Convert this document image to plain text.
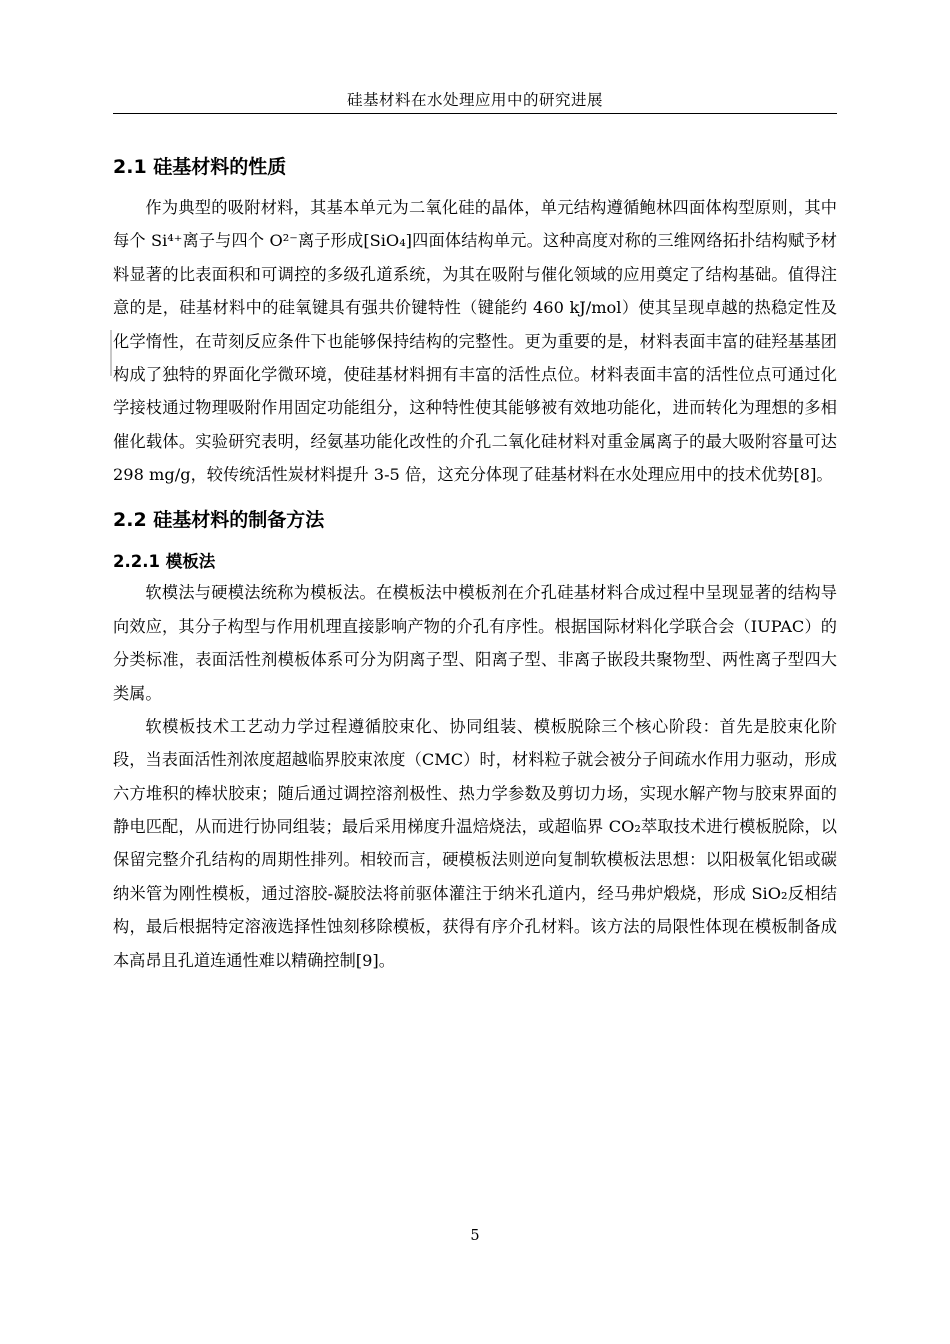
硅基材料在水处理应用中的研究进展
2.1 硅基材料的性质

作为典型的吸附材料，其基本单元为二氧化硅的晶体，单元结构遵循鲍林四面体构型原则，其中每个 Si⁴⁺离子与四个 O²⁻离子形成[SiO₄]四面体结构单元。这种高度对称的三维网络拓扑结构赋予材料显著的比表面积和可调控的多级孔道系统，为其在吸附与催化领域的应用奠定了结构基础。值得注意的是，硅基材料中的硅氧键具有强共价键特性（键能约 460 kJ/mol）使其呈现卓越的热稳定性及化学惰性，在苛刻反应条件下也能够保持结构的完整性。更为重要的是，材料表面丰富的硅羟基基团构成了独特的界面化学微环境，使硅基材料拥有丰富的活性点位。材料表面丰富的活性位点可通过化学接枝通过物理吸附作用固定功能组分，这种特性使其能够被有效地功能化，进而转化为理想的多相催化载体。实验研究表明，经氨基功能化改性的介孔二氧化硅材料对重金属离子的最大吸附容量可达 298 mg/g，较传统活性炭材料提升 3-5 倍，这充分体现了硅基材料在水处理应用中的技术优势[8]。

2.2 硅基材料的制备方法
2.2.1 模板法

软模法与硬模法统称为模板法。在模板法中模板剂在介孔硅基材料合成过程中呈现显著的结构导向效应，其分子构型与作用机理直接影响产物的介孔有序性。根据国际材料化学联合会（IUPAC）的分类标准，表面活性剂模板体系可分为阴离子型、阳离子型、非离子嵌段共聚物型、两性离子型四大类属。

软模板技术工艺动力学过程遵循胶束化、协同组装、模板脱除三个核心阶段：首先是胶束化阶段，当表面活性剂浓度超越临界胶束浓度（CMC）时，材料粒子就会被分子间疏水作用力驱动，形成六方堆积的棒状胶束；随后通过调控溶剂极性、热力学参数及剪切力场，实现水解产物与胶束界面的静电匹配，从而进行协同组装；最后采用梯度升温焙烧法，或超临界 CO₂萃取技术进行模板脱除，以保留完整介孔结构的周期性排列。相较而言，硬模板法则逆向复制软模板法思想：以阳极氧化铝或碳纳米管为刚性模板，通过溶胶-凝胶法将前驱体灌注于纳米孔道内，经马弗炉煅烧，形成 SiO₂反相结构，最后根据特定溶液选择性蚀刻移除模板，获得有序介孔材料。该方法的局限性体现在模板制备成本高昂且孔道连通性难以精确控制[9]。

5
